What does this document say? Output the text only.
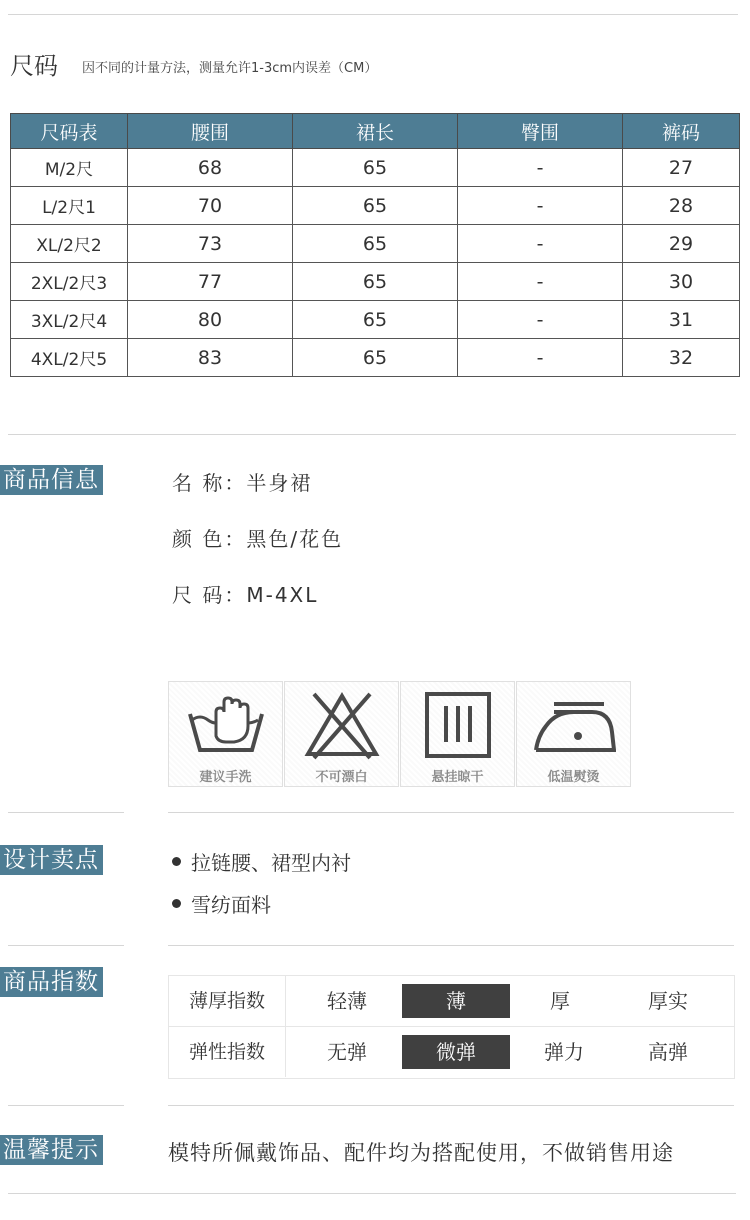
尺码 因不同的计量方法，测量允许1-3cm内误差（CM）
尺码表	腰围	裙长	臀围	裤码
M/2尺	68	65	-	27
L/2尺1	70	65	-	28
XL/2尺2	73	65	-	29
2XL/2尺3	77	65	-	30
3XL/2尺4	80	65	-	31
4XL/2尺5	83	65	-	32
商品信息	名 称：半身裙
颜 色：黑色/花色
尺 码：M-4XL
建议手洗	不可漂白	悬挂晾干	低温熨烫
设计卖点	拉链腰、裙型内衬
雪纺面料
商品指数
薄厚指数	轻薄	薄	厚	厚实
弹性指数	无弹	微弹	弹力	高弹
温馨提示	模特所佩戴饰品、配件均为搭配使用，不做销售用途
